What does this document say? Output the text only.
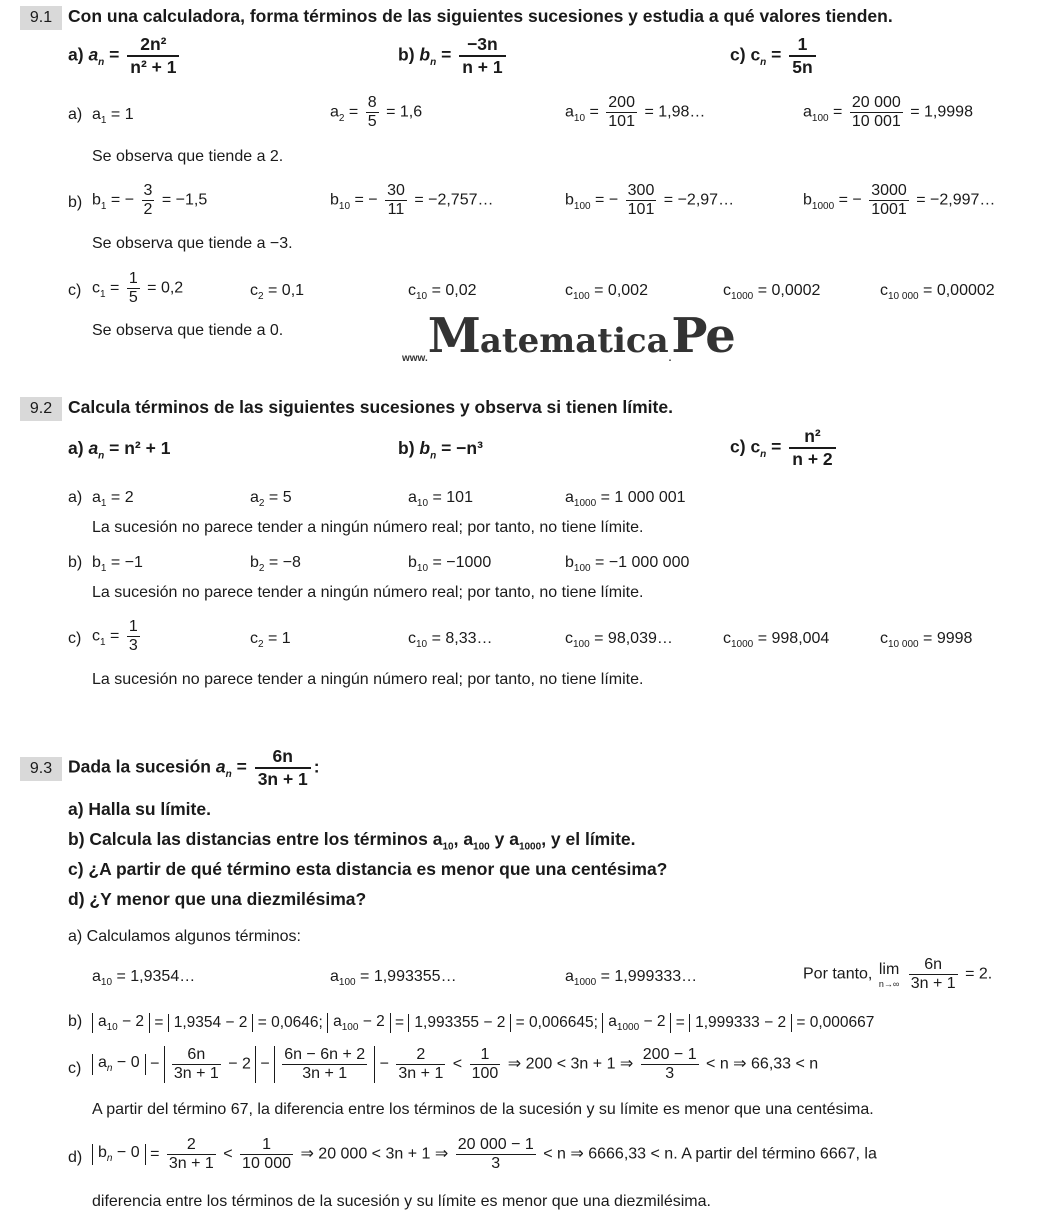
9.1 Con una calculadora, forma términos de las siguientes sucesiones y estudia a qué valores tienden.
a) $a_n = \frac{\text{2n²}}{\text{n² + 1}}$	b) $b_n = \frac{-3n}{n + 1}$	c) $c_n = \frac{1}{5n}$
a) $a_1 = 1$	$a_2 = \frac{8}{5} = 1,6$	$a_{10} = \frac{200}{101}$ = 1,98…	$a_{100} = \frac{20 000}{10 001} = 1,9998$
Se observa que tiende a 2.
b) $b_1$ = − $\frac{3}{2} = -1,5$	$b_{10}$ = − $\frac{30}{11}$ = −2,757…	$b_{100}$ = − $\frac{300}{101}$ = −2,97…	$b_{1000}$ = − $\frac{3000}{1001}$ = −2,997…
Se observa que tiende a −3.
c) $c_1 = \frac{1}{5} = 0,2$	$c_2 = 0,1$	$c_{10} = 0,02$	$c_{100} = 0,002$	$c_{1000} = 0,0002$	$c_{10 000} = 0,00002$
Se observa que tiende a 0.
www.Matematica.Pe
9.2 Calcula términos de las siguientes sucesiones y observa si tienen límite.
a) $a_n = n^2 + 1$	b) $b_n = -n^3$	c) $c_n = \frac{\text{n²}}{n + 2}$
a) $a_1 = 2$	$a_2 = 5$	$a_{10} = 101$	$a_{1000} = 1$ 000 001
La sucesión no parece tender a ningún número real; por tanto, no tiene límite.
b) $b_1 = -1$	$b_2 = -8$	$b_{10} = -1000$	$b_{100} = -1$ 000 000
La sucesión no parece tender a ningún número real; por tanto, no tiene límite.
c) $c_1 = \frac{1}{3}$	$c_2 = 1$	$c_{10}$ = 8,33…	$c_{100}$ = 98,039…	$c_{1000} = 998,004$	$c_{10 000} = 9998$
La sucesión no parece tender a ningún número real; por tanto, no tiene límite.
9.3 Dada la sucesión $a_n = \frac{6n}{3n + 1}$ :
a) Halla su límite.
b) Calcula las distancias entre los términos $a_{10}$, $a_{100}$ y $a_{1000}$, y el límite.
c) ¿A partir de qué término esta distancia es menor que una centésima?
d) ¿Y menor que una diezmilésima?
a) Calculamos algunos términos:
$a_{10}$ = 1,9354…	$a_{100}$ = 1,993355…	$a_{1000}$ = 1,999333…	Por tanto, lim
n→∞
$\frac{6n}{3n + 1} = 2$.
b)	$a_{10} - 2 = 1,9354 - 2 = 0,0646$; $a_{100} - 2 = 1,993355 - 2 = 0,006645$; $a_{1000} - 2 = 1,999333 - 2 = 0,000667$
c)	$a_n - 0 - \frac{6n}{3n + 1} - 2 - \frac{6n - 6n + 2}{3n + 1} - \frac{2}{3n + 1} < \frac{1}{100}$ ⇒ 200 < 3n + 1 ⇒ $\frac{200 - 1}{3} < n$ ⇒ 66,33 < n
A partir del término 67, la diferencia entre los términos de la sucesión y su límite es menor que una centésima.
d) $b_n - 0 = \frac{2}{3n + 1} < \frac{1}{10 000}$ ⇒ 20 000 < 3n + 1 ⇒ $\frac{20 000 - 1}{3} < n$ ⇒ 6666,33 < n. A partir del término 6667, la
diferencia entre los términos de la sucesión y su límite es menor que una diezmilésima.
